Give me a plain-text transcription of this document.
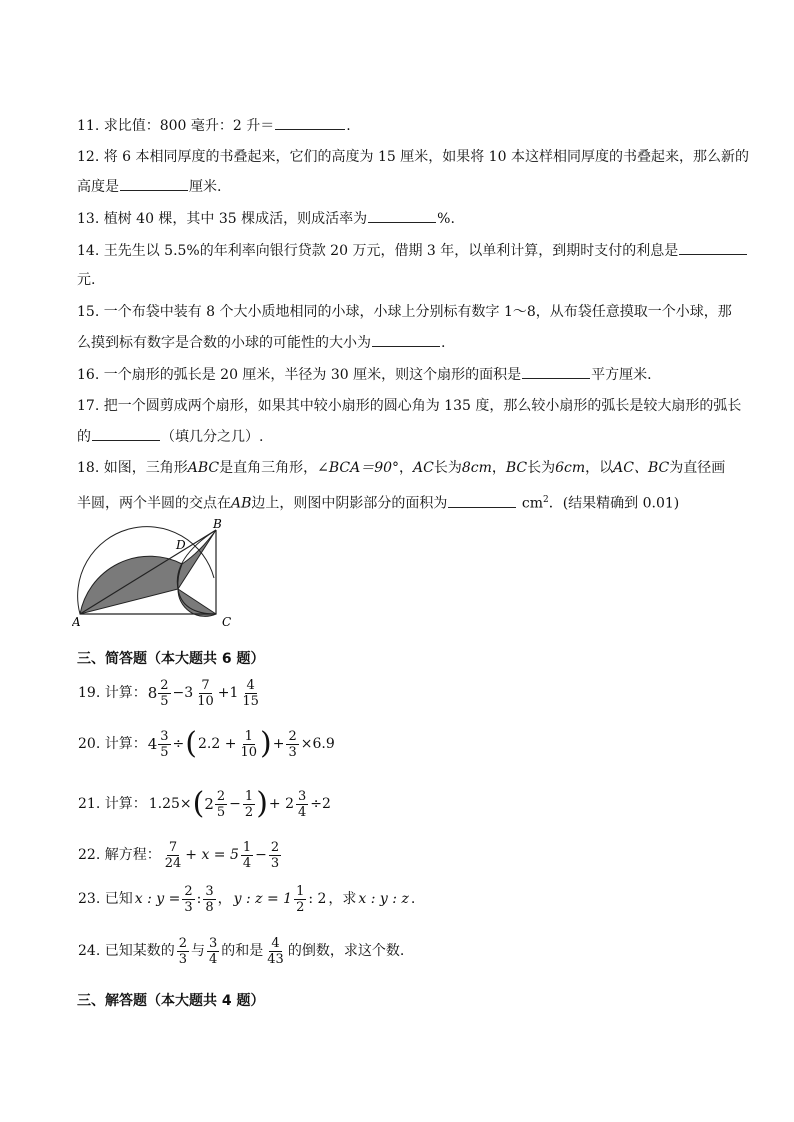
11. 求比值：800 毫升：2 升＝	.
12. 将 6 本相同厚度的书叠起来，它们的高度为 15 厘米，如果将 10 本这样相同厚度的书叠起来，那么新的
高度是	厘米.
13. 植树 40 棵，其中 35 棵成活，则成活率为	%.
14. 王先生以 5.5%的年利率向银行贷款 20 万元，借期 3 年，以单利计算，到期时支付的利息是
元.
15. 一个布袋中装有 8 个大小质地相同的小球，小球上分别标有数字 1～8，从布袋任意摸取一个小球，那
么摸到标有数字是合数的小球的可能性的大小为	.
16. 一个扇形的弧长是 20 厘米，半径为 30 厘米，则这个扇形的面积是	平方厘米.
17. 把一个圆剪成两个扇形，如果其中较小扇形的圆心角为 135 度，那么较小扇形的弧长是较大扇形的弧长
的	（填几分之几）.
18. 如图，三角形ABC是直角三角形，∠BCA＝90°，AC长为8cm，BC长为6cm，以AC、BC为直径画
半圆，两个半圆的交点在AB边上，则图中阴影部分的面积为	$cm^2$．(结果精确到 0.01)
A
B
C
D
三、简答题（本大题共 6 题）
19. 计算：$8 \frac{2}{5} -3 \frac{7}{10} +1 \frac{4}{15}$
20. 计算：$4 \frac{3}{5} \div(2.2 + \frac{1}{10}$ )+ $\frac{2}{3} \times 6.9$
21. 计算： $1.25\times(2 \frac{2}{5} - \frac{1}{2}$ )+ $2 \frac{3}{4} \div 2$
22. 解方程： $\frac{7}{24} + x = 5 \frac{1}{4} - \frac{2}{3}$
23. 已知 x : $y = \frac{2}{3}$ : $\frac{3}{8}$ ， y : $z = 1 \frac{1}{2}$ : 2 ，求 x : y : z .
24. 已知某数的 $\frac{2}{3}$ 与 $\frac{3}{4}$ 的和是 $\frac{4}{43}$ 的倒数，求这个数.
三、解答题（本大题共 4 题）
